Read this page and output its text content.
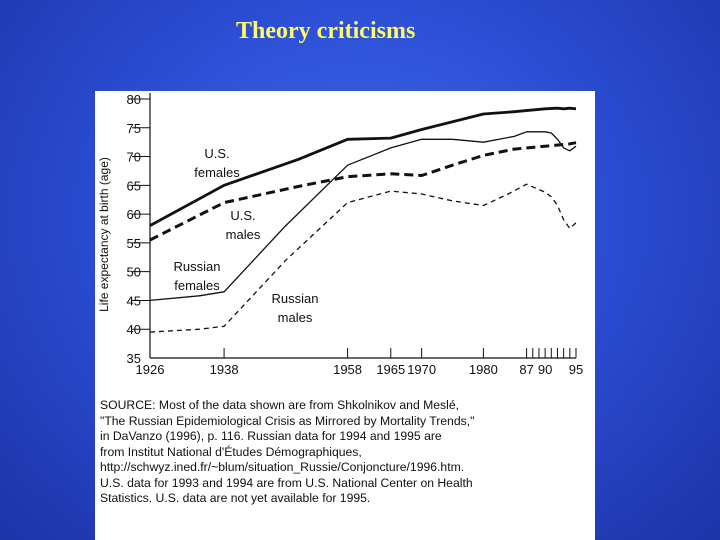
Theory criticisms
35
40
45
50
55
60
65
70
75
80
Life expectancy at birth (age)
1926	1938	1958 1965 1970	1980 87 90 95
U.S.
females
U.S.
males
Russian
females
Russian
males
SOURCE: Most of the data shown are from Shkolnikov and Meslé,
"The Russian Epidemiological Crisis as Mirrored by Mortality Trends,"
in DaVanzo (1996), p. 116. Russian data for 1994 and 1995 are
from Institut National d'Études Démographiques,
http://schwyz.ined.fr/~blum/situation_Russie/Conjoncture/1996.htm.
U.S. data for 1993 and 1994 are from U.S. National Center on Health
Statistics. U.S. data are not yet available for 1995.
